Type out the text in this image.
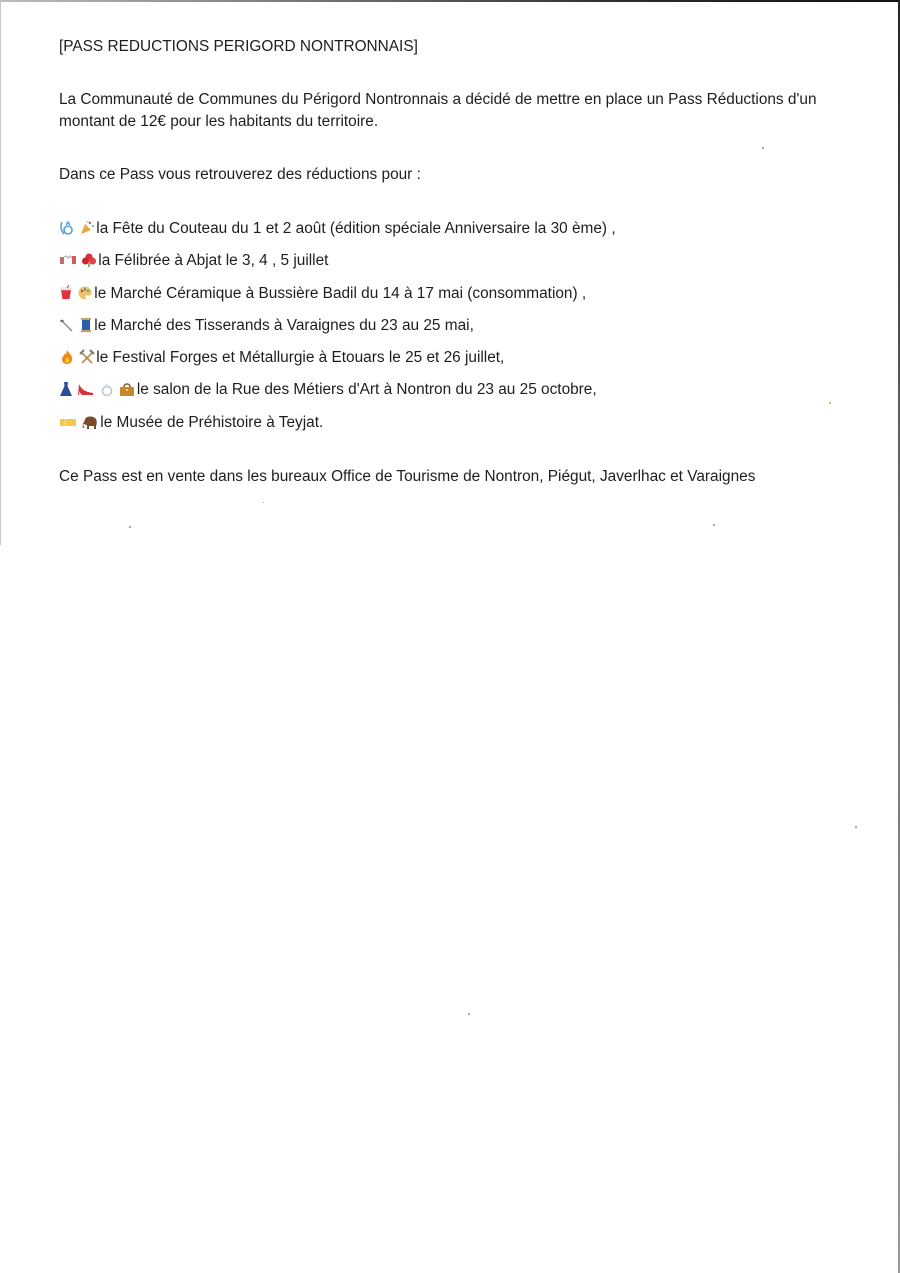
[PASS REDUCTIONS PERIGORD NONTRONNAIS]

La Communauté de Communes du Périgord Nontronnais a décidé de mettre en place un Pass Réductions d'un montant de 12€ pour les habitants du territoire.

Dans ce Pass vous retrouverez des réductions pour :

la Fête du Couteau du 1 et 2 août (édition spéciale Anniversaire la 30 ème) ,
la Félibrée à Abjat le 3, 4 , 5 juillet
le Marché Céramique à Bussière Badil du 14 à 17 mai (consommation) ,
le Marché des Tisserands à Varaignes du 23 au 25 mai,
le Festival Forges et Métallurgie à Etouars le 25 et 26 juillet,
le salon de la Rue des Métiers d'Art à Nontron du 23 au 25 octobre,
le Musée de Préhistoire à Teyjat.

Ce Pass est en vente dans les bureaux Office de Tourisme de Nontron, Piégut, Javerlhac et Varaignes
